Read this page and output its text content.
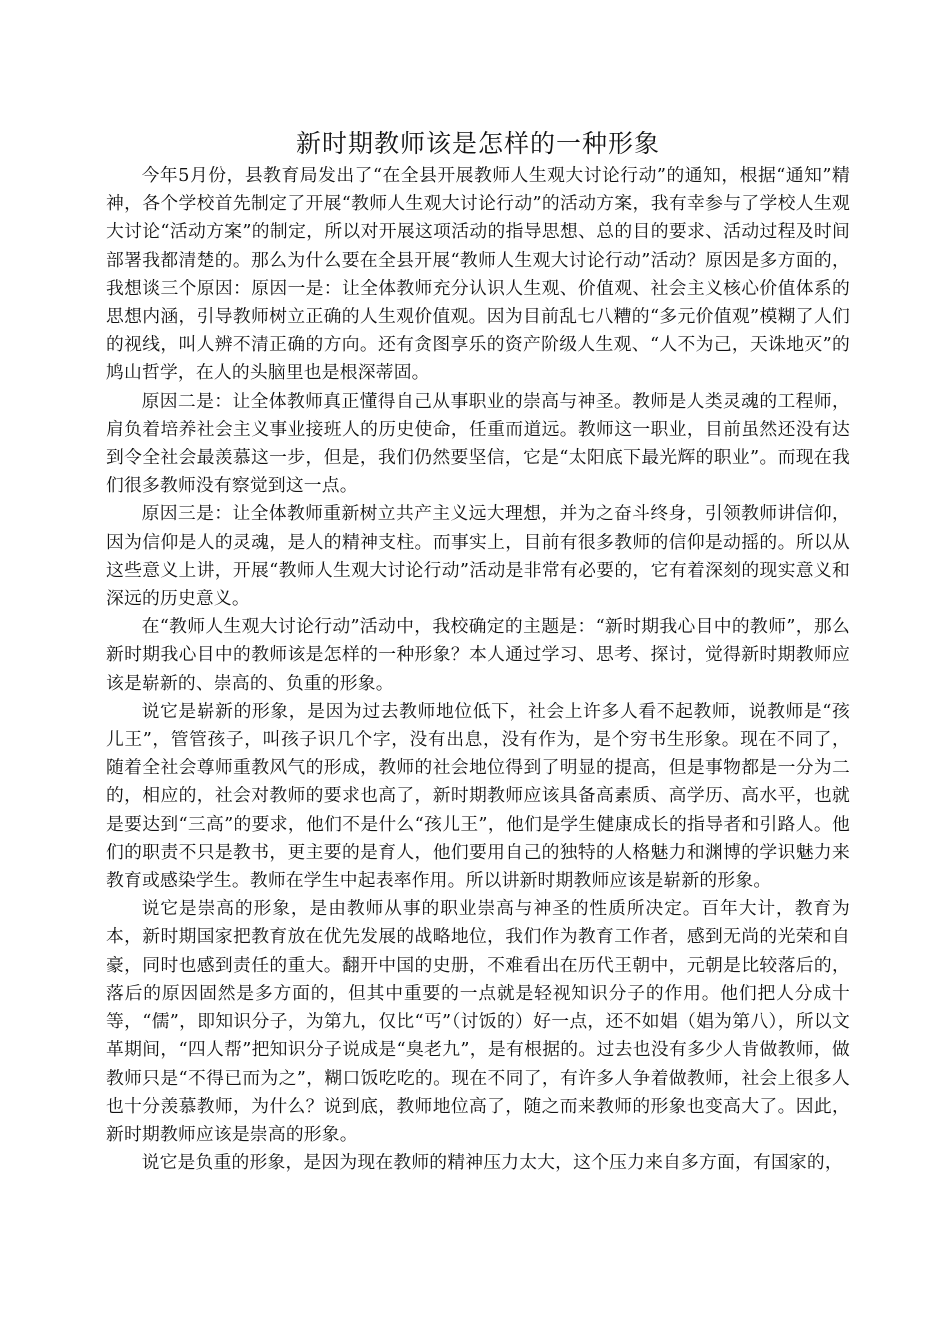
新时期教师该是怎样的一种形象

今年5月份，县教育局发出了“在全县开展教师人生观大讨论行动”的通知，根据“通知”精神，各个学校首先制定了开展“教师人生观大讨论行动”的活动方案，我有幸参与了学校人生观大讨论“活动方案”的制定，所以对开展这项活动的指导思想、总的目的要求、活动过程及时间部署我都清楚的。那么为什么要在全县开展“教师人生观大讨论行动”活动？原因是多方面的，我想谈三个原因：原因一是：让全体教师充分认识人生观、价值观、社会主义核心价值体系的思想内涵，引导教师树立正确的人生观价值观。因为目前乱七八糟的“多元价值观”模糊了人们的视线，叫人辨不清正确的方向。还有贪图享乐的资产阶级人生观、“人不为己，天诛地灭”的鸠山哲学，在人的头脑里也是根深蒂固。

原因二是：让全体教师真正懂得自己从事职业的崇高与神圣。教师是人类灵魂的工程师，肩负着培养社会主义事业接班人的历史使命，任重而道远。教师这一职业，目前虽然还没有达到令全社会最羡慕这一步，但是，我们仍然要坚信，它是“太阳底下最光辉的职业”。而现在我们很多教师没有察觉到这一点。

原因三是：让全体教师重新树立共产主义远大理想，并为之奋斗终身，引领教师讲信仰，因为信仰是人的灵魂，是人的精神支柱。而事实上，目前有很多教师的信仰是动摇的。所以从这些意义上讲，开展“教师人生观大讨论行动”活动是非常有必要的，它有着深刻的现实意义和深远的历史意义。

在“教师人生观大讨论行动”活动中，我校确定的主题是：“新时期我心目中的教师”，那么新时期我心目中的教师该是怎样的一种形象？本人通过学习、思考、探讨，觉得新时期教师应该是崭新的、崇高的、负重的形象。

说它是崭新的形象，是因为过去教师地位低下，社会上许多人看不起教师，说教师是“孩儿王”，管管孩子，叫孩子识几个字，没有出息，没有作为，是个穷书生形象。现在不同了，随着全社会尊师重教风气的形成，教师的社会地位得到了明显的提高，但是事物都是一分为二的，相应的，社会对教师的要求也高了，新时期教师应该具备高素质、高学历、高水平，也就是要达到“三高”的要求，他们不是什么“孩儿王”，他们是学生健康成长的指导者和引路人。他们的职责不只是教书，更主要的是育人，他们要用自己的独特的人格魅力和渊博的学识魅力来教育或感染学生。教师在学生中起表率作用。所以讲新时期教师应该是崭新的形象。

说它是崇高的形象，是由教师从事的职业崇高与神圣的性质所决定。百年大计，教育为本，新时期国家把教育放在优先发展的战略地位，我们作为教育工作者，感到无尚的光荣和自豪，同时也感到责任的重大。翻开中国的史册，不难看出在历代王朝中，元朝是比较落后的，落后的原因固然是多方面的，但其中重要的一点就是轻视知识分子的作用。他们把人分成十等，“儒”，即知识分子，为第九，仅比“丐”（讨饭的）好一点，还不如娼（娼为第八），所以文革期间，“四人帮”把知识分子说成是“臭老九”，是有根据的。过去也没有多少人肯做教师，做教师只是“不得已而为之”，糊口饭吃吃的。现在不同了，有许多人争着做教师，社会上很多人也十分羡慕教师，为什么？说到底，教师地位高了，随之而来教师的形象也变高大了。因此，新时期教师应该是崇高的形象。

说它是负重的形象，是因为现在教师的精神压力太大，这个压力来自多方面，有国家的，
